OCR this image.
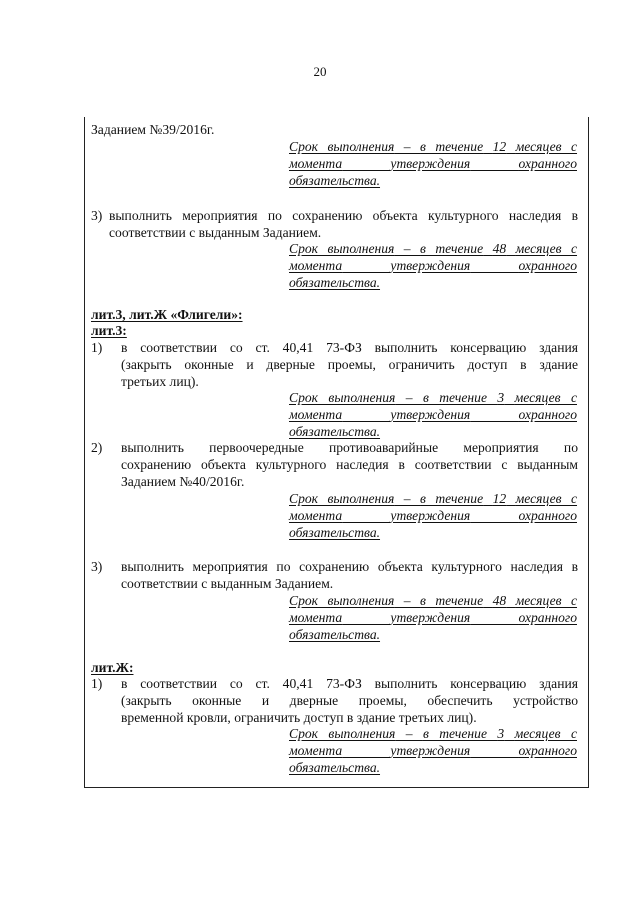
20
Заданием №39/2016г.
Срок выполнения – в течение 12 месяцев с
момента	утверждения	охранного
обязательства.
3) выполнить мероприятия по сохранению объекта культурного наследия в
соответствии с выданным Заданием.
Срок выполнения – в течение 48 месяцев с
момента	утверждения	охранного
обязательства.
лит.3, лит.Ж «Флигели»:
лит.3:
1) в соответствии со ст. 40,41 73-ФЗ выполнить консервацию здания
(закрыть оконные и дверные проемы, ограничить доступ в здание
третьих лиц).
Срок выполнения – в течение 3 месяцев с
момента	утверждения	охранного
обязательства.
2) выполнить первоочередные противоаварийные мероприятия по
сохранению объекта культурного наследия в соответствии с выданным
Заданием №40/2016г.
Срок выполнения – в течение 12 месяцев с
момента	утверждения	охранного
обязательства.
3) выполнить мероприятия по сохранению объекта культурного наследия в
соответствии с выданным Заданием.
Срок выполнения – в течение 48 месяцев с
момента	утверждения	охранного
обязательства.
лит.Ж:
1) в соответствии со ст. 40,41 73-ФЗ выполнить консервацию здания
(закрыть оконные и дверные проемы, обеспечить устройство
временной кровли, ограничить доступ в здание третьих лиц).
Срок выполнения – в течение 3 месяцев с
момента	утверждения	охранного
обязательства.
